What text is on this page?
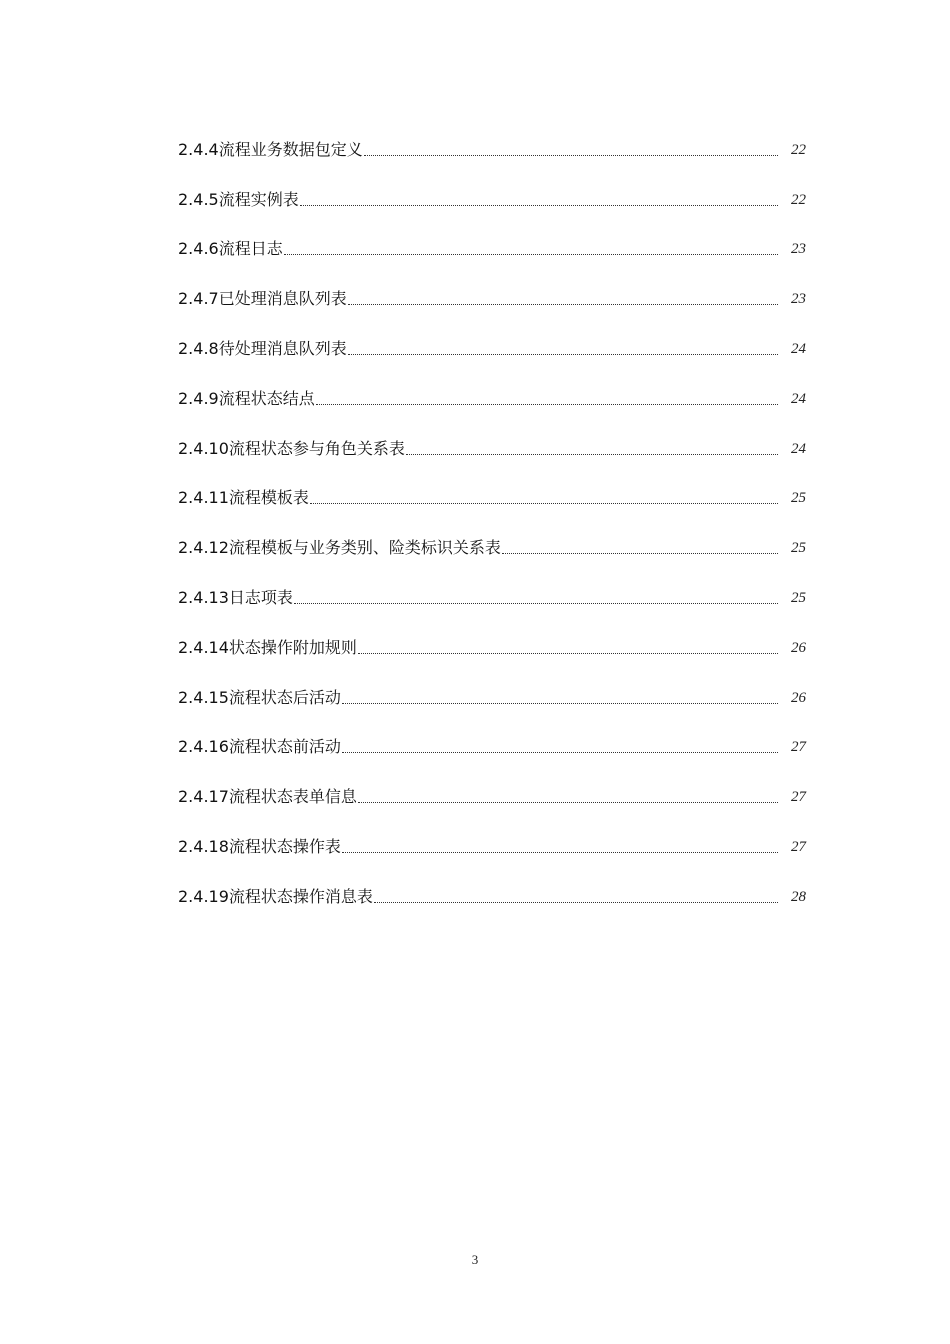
2.4.4流程业务数据包定义	22
2.4.5流程实例表	22
2.4.6流程日志	23
2.4.7已处理消息队列表	23
2.4.8待处理消息队列表	24
2.4.9流程状态结点	24
2.4.10流程状态参与角色关系表	24
2.4.11流程模板表	25
2.4.12流程模板与业务类别、险类标识关系表	25
2.4.13日志项表	25
2.4.14状态操作附加规则	26
2.4.15流程状态后活动	26
2.4.16流程状态前活动	27
2.4.17流程状态表单信息	27
2.4.18流程状态操作表	27
2.4.19流程状态操作消息表	28
3
